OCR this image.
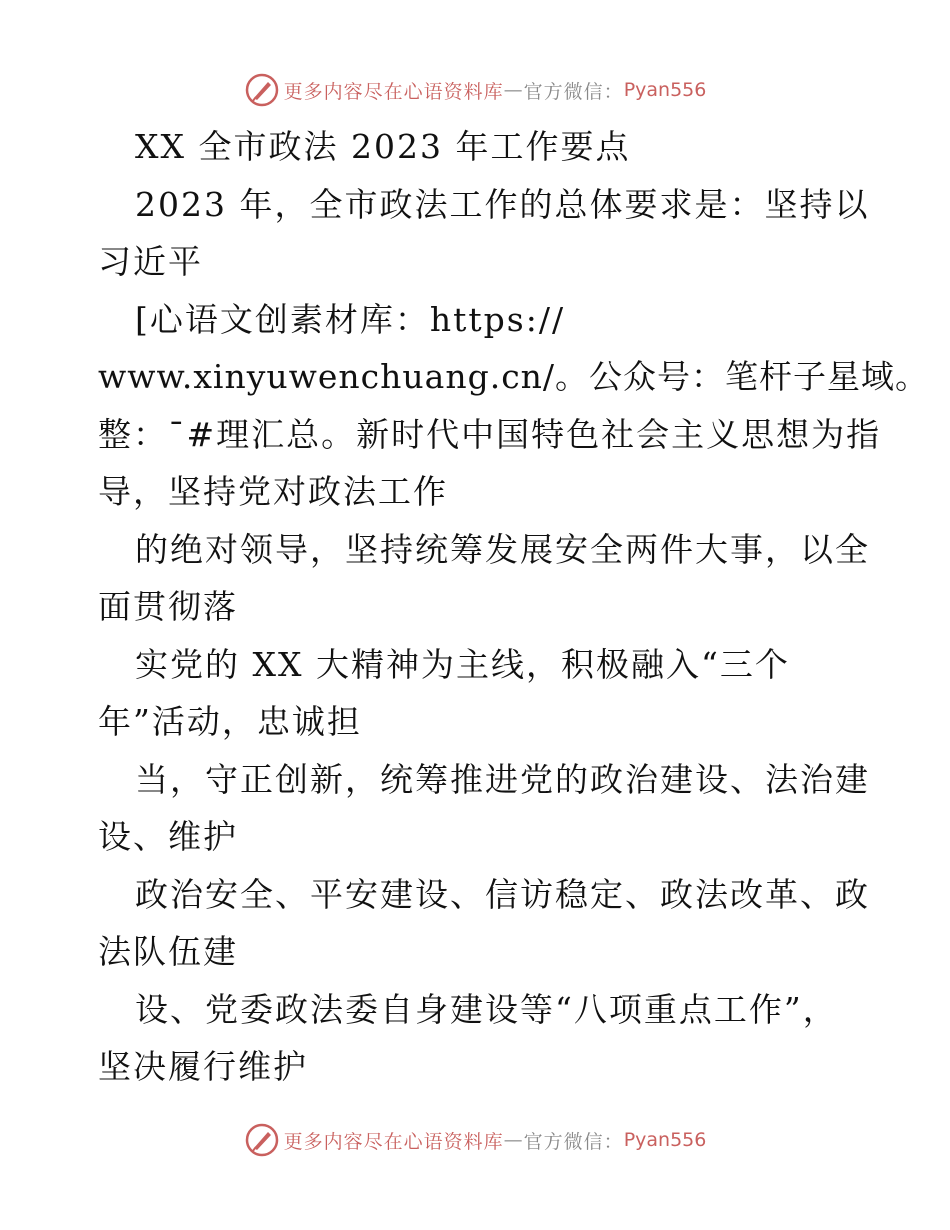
更多内容尽在心语资料库 — 官方微信： Pyan556
XX 全市政法 2023 年工作要点
2023 年，全市政法工作的总体要求是：坚持以
习近平
[心语文创素材库：https://
www.xinyuwenchuang.cn/。公众号：笔杆子星域。
整：¯#理汇总。新时代中国特色社会主义思想为指
导，坚持党对政法工作
的绝对领导，坚持统筹发展安全两件大事，以全
面贯彻落
实党的 XX 大精神为主线，积极融入“三个
年”活动，忠诚担
当，守正创新，统筹推进党的政治建设、法治建
设、维护
政治安全、平安建设、信访稳定、政法改革、政
法队伍建
设、党委政法委自身建设等“八项重点工作”，
坚决履行维护
更多内容尽在心语资料库 — 官方微信： Pyan556
